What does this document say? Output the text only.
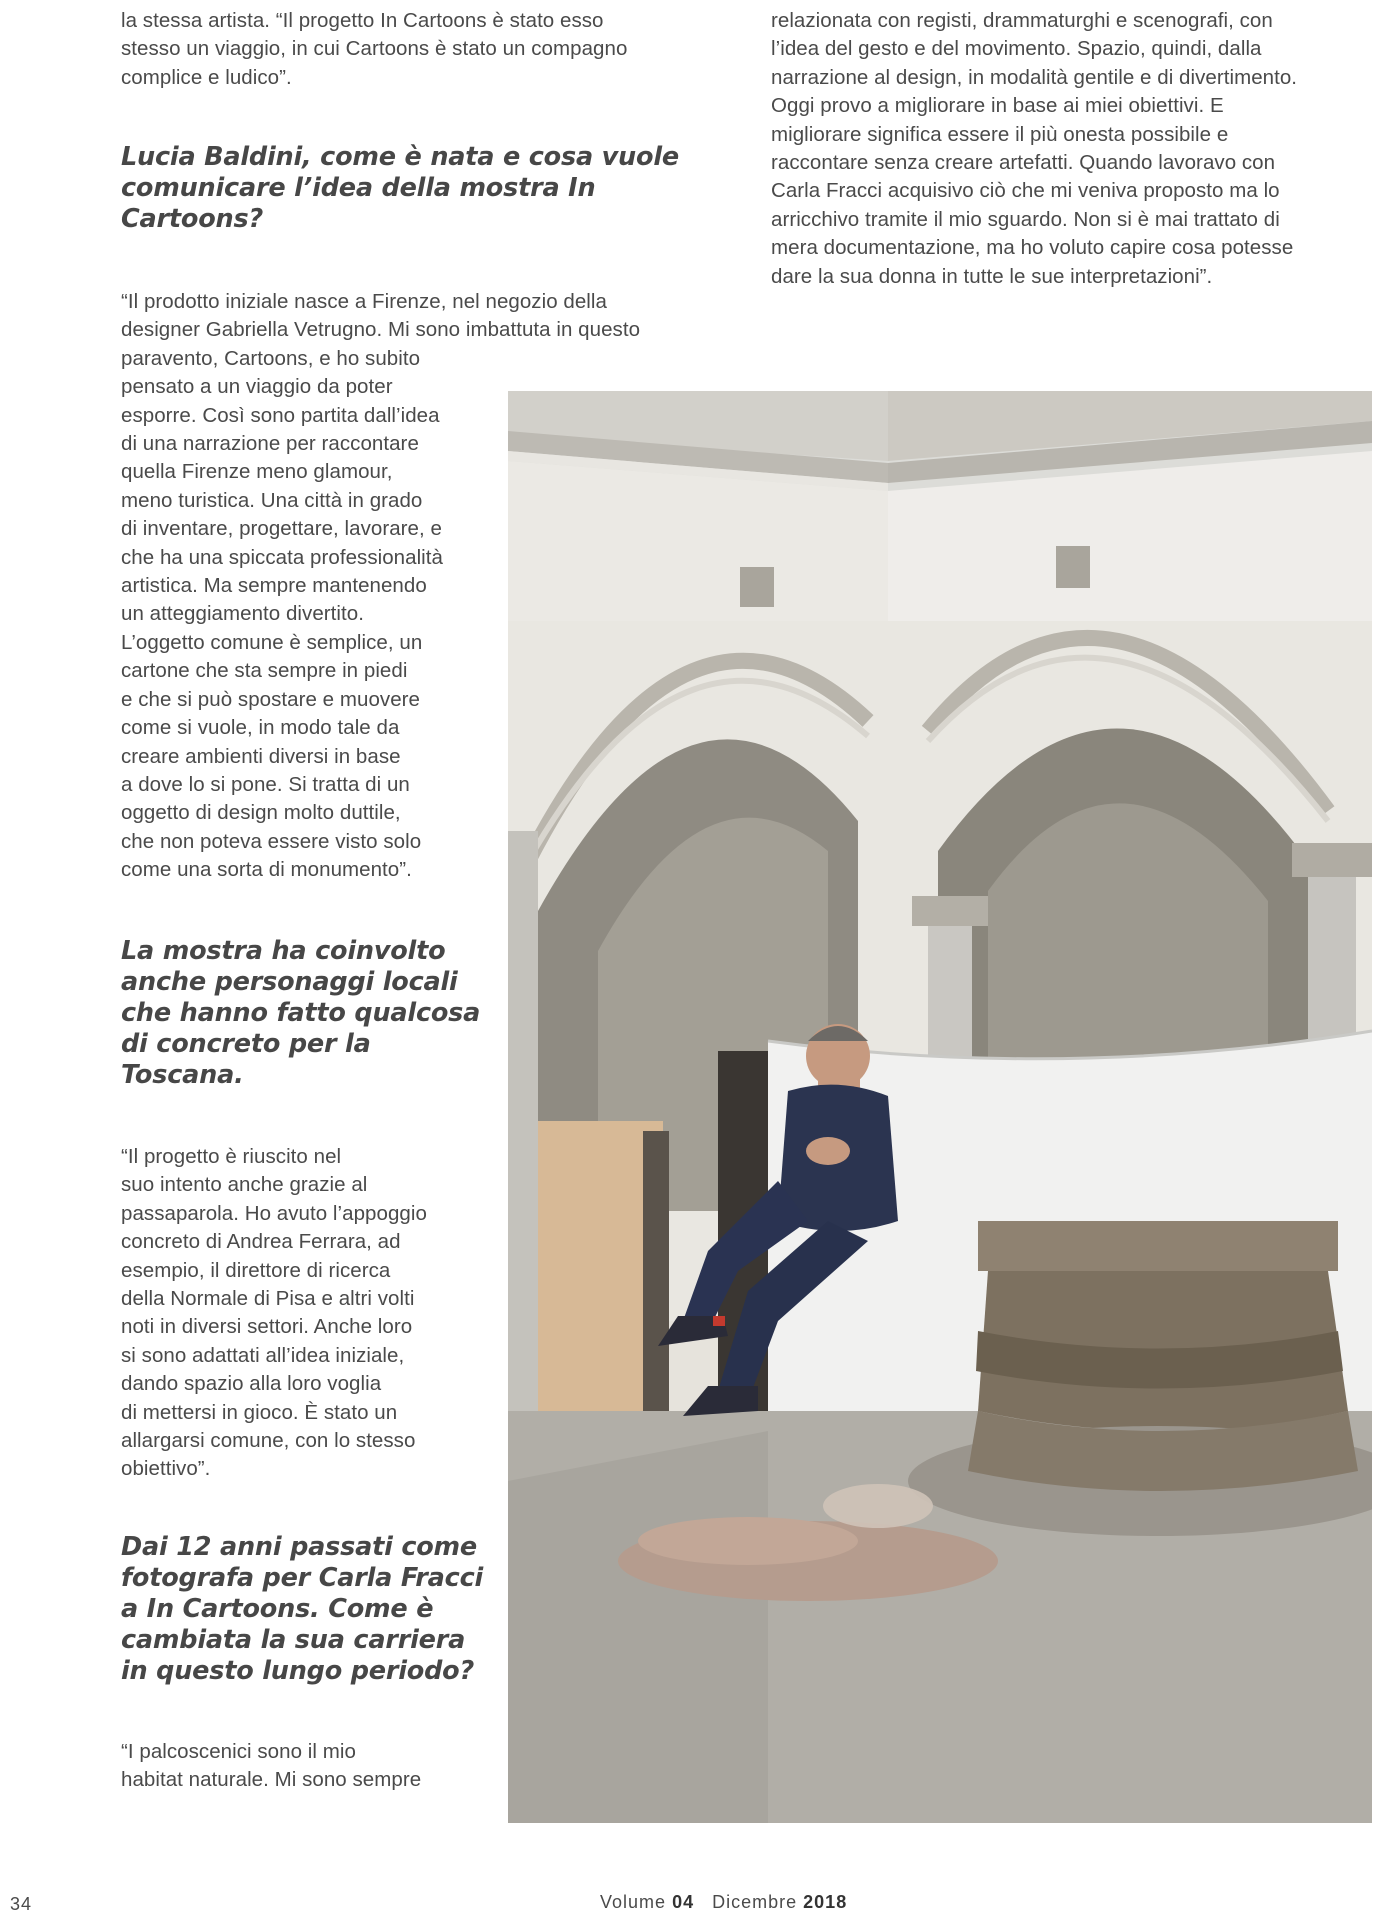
la stessa artista. “Il progetto In Cartoons è stato esso
stesso un viaggio, in cui Cartoons è stato un compagno
complice e ludico”.

Lucia Baldini, come è nata e cosa vuole
comunicare l’idea della mostra In
Cartoons?

“Il prodotto iniziale nasce a Firenze, nel negozio della
designer Gabriella Vetrugno. Mi sono imbattuta in questo
paravento, Cartoons, e ho subito
pensato a un viaggio da poter
esporre. Così sono partita dall’idea
di una narrazione per raccontare
quella Firenze meno glamour,
meno turistica. Una città in grado
di inventare, progettare, lavorare, e
che ha una spiccata professionalità
artistica. Ma sempre mantenendo
un atteggiamento divertito.
L’oggetto comune è semplice, un
cartone che sta sempre in piedi
e che si può spostare e muovere
come si vuole, in modo tale da
creare ambienti diversi in base
a dove lo si pone. Si tratta di un
oggetto di design molto duttile,
che non poteva essere visto solo
come una sorta di monumento”.

La mostra ha coinvolto
anche personaggi locali
che hanno fatto qualcosa
di concreto per la
Toscana.

“Il progetto è riuscito nel
suo intento anche grazie al
passaparola. Ho avuto l’appoggio
concreto di Andrea Ferrara, ad
esempio, il direttore di ricerca
della Normale di Pisa e altri volti
noti in diversi settori. Anche loro
si sono adattati all’idea iniziale,
dando spazio alla loro voglia
di mettersi in gioco. È stato un
allargarsi comune, con lo stesso
obiettivo”.

Dai 12 anni passati come
fotografa per Carla Fracci
a In Cartoons. Come è
cambiata la sua carriera
in questo lungo periodo?

“I palcoscenici sono il mio
habitat naturale. Mi sono sempre

relazionata con registi, drammaturghi e scenografi, con
l’idea del gesto e del movimento. Spazio, quindi, dalla
narrazione al design, in modalità gentile e di divertimento.
Oggi provo a migliorare in base ai miei obiettivi. E
migliorare significa essere il più onesta possibile e
raccontare senza creare artefatti. Quando lavoravo con
Carla Fracci acquisivo ciò che mi veniva proposto ma lo
arricchivo tramite il mio sguardo. Non si è mai trattato di
mera documentazione, ma ho voluto capire cosa potesse
dare la sua donna in tutte le sue interpretazioni”.

34	Volume 04 Dicembre 2018
